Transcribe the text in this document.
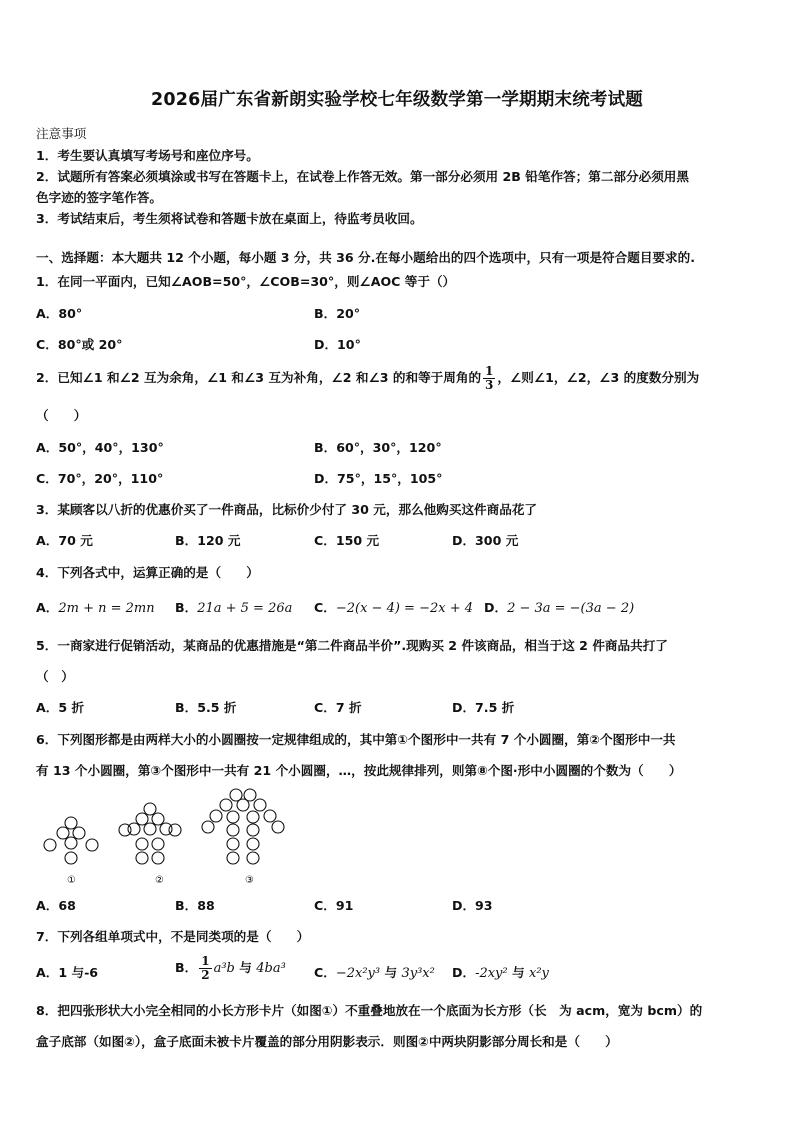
2026届广东省新朗实验学校七年级数学第一学期期末统考试题
注意事项
1．考生要认真填写考场号和座位序号。
2．试题所有答案必须填涂或书写在答题卡上，在试卷上作答无效。第一部分必须用 2B 铅笔作答；第二部分必须用黑
色字迹的签字笔作答。
3．考试结束后，考生须将试卷和答题卡放在桌面上，待监考员收回。
一、选择题：本大题共 12 个小题，每小题 3 分，共 36 分.在每小题给出的四个选项中，只有一项是符合题目要求的.
1．在同一平面内，已知∠AOB=50°，∠COB=30°，则∠AOC 等于（）
A．80°	B．20°
C．80°或 20°	D．10°
2．已知∠1 和∠2 互为余角，∠1 和∠3 互为补角，∠2 和∠3 的和等于周角的 $\frac{1}{3}$ ，∠则∠1，∠2，∠3 的度数分别为
（　　）
A．50°，40°，130°	B．60°，30°，120°
C．70°，20°，110°	D．75°，15°，105°
3．某顾客以八折的优惠价买了一件商品，比标价少付了 30 元，那么他购买这件商品花了
A．70 元	B．120 元	C．150 元	D．300 元
4．下列各式中，运算正确的是（　　）
A．2m + n = 2mn B．21a + 5 = 26a C．−2(x − 4) = −2x + 4 D．2 − 3a = −(3a − 2)
5．一商家进行促销活动，某商品的优惠措施是“第二件商品半价”.现购买 2 件该商品，相当于这 2 件商品共打了
（　）
A．5 折	B．5.5 折	C．7 折	D．7.5 折
6．下列图形都是由两样大小的小圆圈按一定规律组成的，其中第①个图形中一共有 7 个小圆圈，第②个图形中一共
有 13 个小圆圈，第③个图形中一共有 21 个小圆圈，…，按此规律排列，则第⑧个图·形中小圆圈的个数为（　　）
①	②	③
A．68	B．88	C．91	D．93
7．下列各组单项式中，不是同类项的是（　　）
A．1 与-6	B． $\frac{1}{2} a^3b$ 与 4ba³ C．−2x²y³ 与 3y³x² D．-2xy² 与 x²y
8．把四张形状大小完全相同的小长方形卡片（如图①）不重叠地放在一个底面为长方形（长　为 acm，宽为 bcm）的
盒子底部（如图②），盒子底面未被卡片覆盖的部分用阴影表示．则图②中两块阴影部分周长和是（　　）
